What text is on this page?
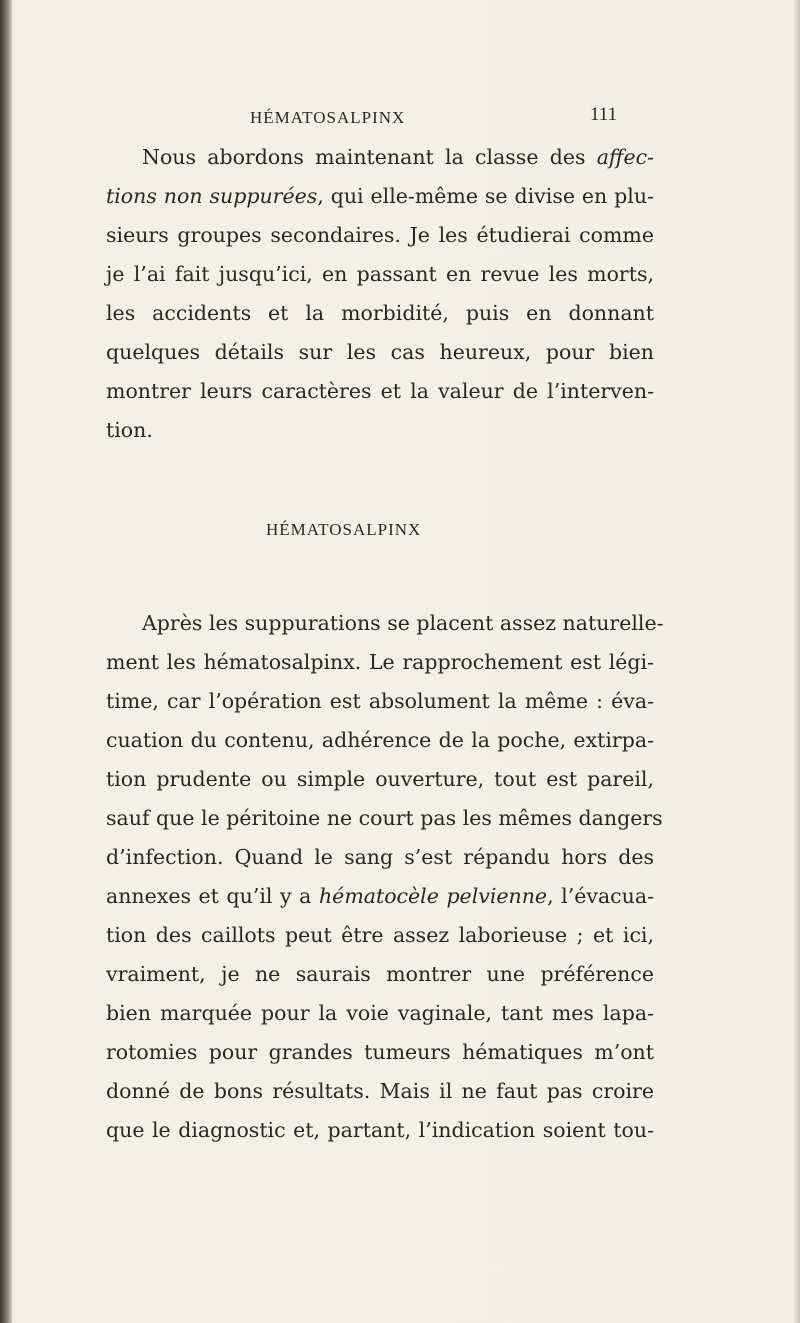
HÉMATOSALPINX	111
Nous abordons maintenant la classe des affec-
tions non suppurées, qui elle-même se divise en plu-
sieurs groupes secondaires. Je les étudierai comme
je l’ai fait jusqu’ici, en passant en revue les morts,
les accidents et la morbidité, puis en donnant
quelques détails sur les cas heureux, pour bien
montrer leurs caractères et la valeur de l’interven-
tion.
HÉMATOSALPINX
Après les suppurations se placent assez naturelle-
ment les hématosalpinx. Le rapprochement est légi-
time, car l’opération est absolument la même : éva-
cuation du contenu, adhérence de la poche, extirpa-
tion prudente ou simple ouverture, tout est pareil,
sauf que le péritoine ne court pas les mêmes dangers
d’infection. Quand le sang s’est répandu hors des
annexes et qu’il y a hématocèle pelvienne, l’évacua-
tion des caillots peut être assez laborieuse ; et ici,
vraiment, je ne saurais montrer une préférence
bien marquée pour la voie vaginale, tant mes lapa-
rotomies pour grandes tumeurs hématiques m’ont
donné de bons résultats. Mais il ne faut pas croire
que le diagnostic et, partant, l’indication soient tou-
